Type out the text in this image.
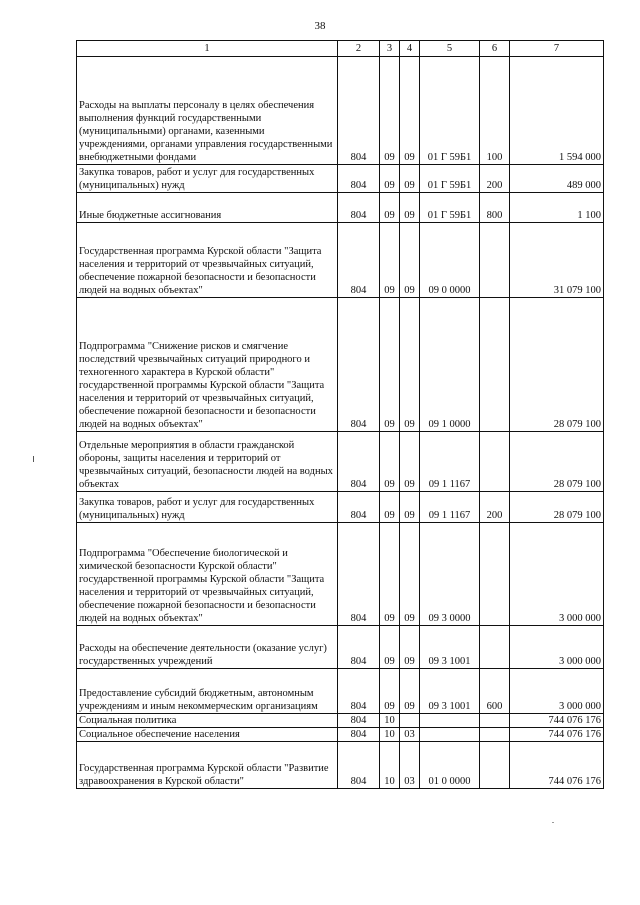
38
1	2	3	4	5	6	7
Расходы на выплаты персоналу в целях обеспечения выполнения функций государственными (муниципальными) органами, казенными учреждениями, органами управления государственными внебюджетными фондами	804	09	09	01 Г 59Б1	100	1 594 000
Закупка товаров, работ и услуг для государственных (муниципальных) нужд	804	09	09	01 Г 59Б1	200	489 000
Иные бюджетные ассигнования	804	09	09	01 Г 59Б1	800	1 100
Государственная программа Курской области "Защита населения и территорий от чрезвычайных ситуаций, обеспечение пожарной безопасности и безопасности людей на водных объектах"	804	09	09	09 0 0000		31 079 100
Подпрограмма "Снижение рисков и смягчение последствий чрезвычайных ситуаций природного и техногенного характера в Курской области" государственной программы Курской области "Защита населения и территорий от чрезвычайных ситуаций, обеспечение пожарной безопасности и безопасности людей на водных объектах"	804	09	09	09 1 0000		28 079 100
Отдельные мероприятия в области гражданской обороны, защиты населения и территорий от чрезвычайных ситуаций, безопасности людей на водных объектах	804	09	09	09 1 1167		28 079 100
Закупка товаров, работ и услуг для государственных (муниципальных) нужд	804	09	09	09 1 1167	200	28 079 100
Подпрограмма "Обеспечение биологической и химической безопасности Курской области" государственной программы Курской области "Защита населения и территорий от чрезвычайных ситуаций, обеспечение пожарной безопасности и безопасности людей на водных объектах"	804	09	09	09 3 0000		3 000 000
Расходы на обеспечение деятельности (оказание услуг) государственных учреждений	804	09	09	09 3 1001		3 000 000
Предоставление субсидий бюджетным, автономным учреждениям и иным некоммерческим организациям	804	09	09	09 3 1001	600	3 000 000
Социальная политика	804	10				744 076 176
Социальное обеспечение населения	804	10	03			744 076 176
Государственная программа Курской области "Развитие здравоохранения в Курской области"	804	10	03	01 0 0000		744 076 176
